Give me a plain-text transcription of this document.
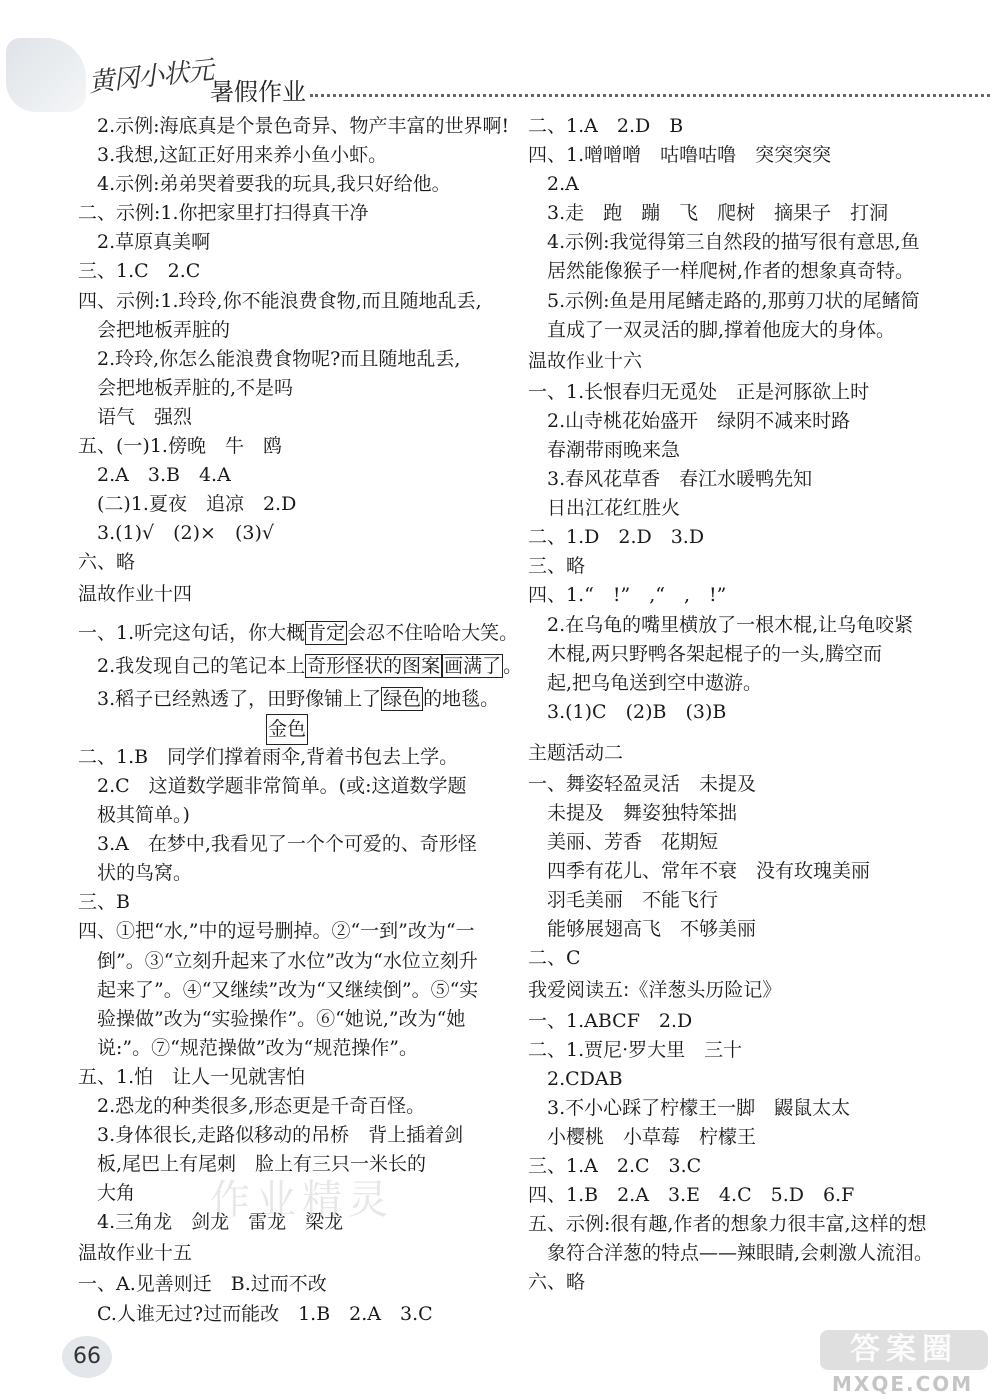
黄冈小状元
暑假作业
　2.示例:海底真是个景色奇异、物产丰富的世界啊!
　3.我想,这缸正好用来养小鱼小虾。
　4.示例:弟弟哭着要我的玩具,我只好给他。
二、示例:1.你把家里打扫得真干净
　2.草原真美啊
三、1.C　2.C
四、示例:1.玲玲,你不能浪费食物,而且随地乱丢,
　会把地板弄脏的
　2.玲玲,你怎么能浪费食物呢?而且随地乱丢,
　会把地板弄脏的,不是吗
　语气　强烈
五、(一)1.傍晚　牛　鸥
　2.A　3.B　4.A
　(二)1.夏夜　追凉　2.D
　3.(1)√　(2)×　(3)√
六、略
温故作业十四
一、1.听完这句话，你大概 肯定 会忍不住哈哈大笑。
　2.我发现自己的笔记本上 奇形怪状的图案 画满了 。
　3.稻子已经熟透了，田野像铺上了 绿色 的地毯。
金色
二、1.B　同学们撑着雨伞,背着书包去上学。
　2.C　这道数学题非常简单。(或:这道数学题
　极其简单。)
　3.A　在梦中,我看见了一个个可爱的、奇形怪
　状的鸟窝。
三、B
四、①把“水,”中的逗号删掉。②“一到”改为“一
　倒”。③“立刻升起来了水位”改为“水位立刻升
　起来了”。④“又继续”改为“又继续倒”。⑤“实
　验操做”改为“实验操作”。⑥“她说,”改为“她
　说:”。⑦“规范操做”改为“规范操作”。
五、1.怕　让人一见就害怕
　2.恐龙的种类很多,形态更是千奇百怪。
　3.身体很长,走路似移动的吊桥　背上插着剑
　板,尾巴上有尾刺　脸上有三只一米长的
　大角
　4.三角龙　剑龙　雷龙　梁龙
温故作业十五
一、A.见善则迁　B.过而不改
　C.人谁无过?过而能改　1.B　2.A　3.C
二、1.A　2.D　B
四、1.噌噌噌　咕噜咕噜　突突突突
　2.A
　3.走　跑　蹦　飞　爬树　摘果子　打洞
　4.示例:我觉得第三自然段的描写很有意思,鱼
　居然能像猴子一样爬树,作者的想象真奇特。
　5.示例:鱼是用尾鳍走路的,那剪刀状的尾鳍简
　直成了一双灵活的脚,撑着他庞大的身体。
温故作业十六
一、1.长恨春归无觅处　正是河豚欲上时
　2.山寺桃花始盛开　绿阴不减来时路
　春潮带雨晚来急
　3.春风花草香　春江水暖鸭先知
　日出江花红胜火
二、1.D　2.D　3.D
三、略
四、1.“　!”　,“　,　!”
　2.在乌龟的嘴里横放了一根木棍,让乌龟咬紧
　木棍,两只野鸭各架起棍子的一头,腾空而
　起,把乌龟送到空中遨游。
　3.(1)C　(2)B　(3)B
主题活动二
一、舞姿轻盈灵活　未提及
　未提及　舞姿独特笨拙
　美丽、芳香　花期短
　四季有花儿、常年不衰　没有玫瑰美丽
　羽毛美丽　不能飞行
　能够展翅高飞　不够美丽
二、C
我爱阅读五:《洋葱头历险记》
一、1.ABCF　2.D
二、1.贾尼·罗大里　三十
　2.CDAB
　3.不小心踩了柠檬王一脚　鼹鼠太太
　小樱桃　小草莓　柠檬王
三、1.A　2.C　3.C
四、1.B　2.A　3.E　4.C　5.D　6.F
五、示例:很有趣,作者的想象力很丰富,这样的想
　象符合洋葱的特点——辣眼睛,会刺激人流泪。
六、略
作业精灵
66	答案圈
MXQE.COM
